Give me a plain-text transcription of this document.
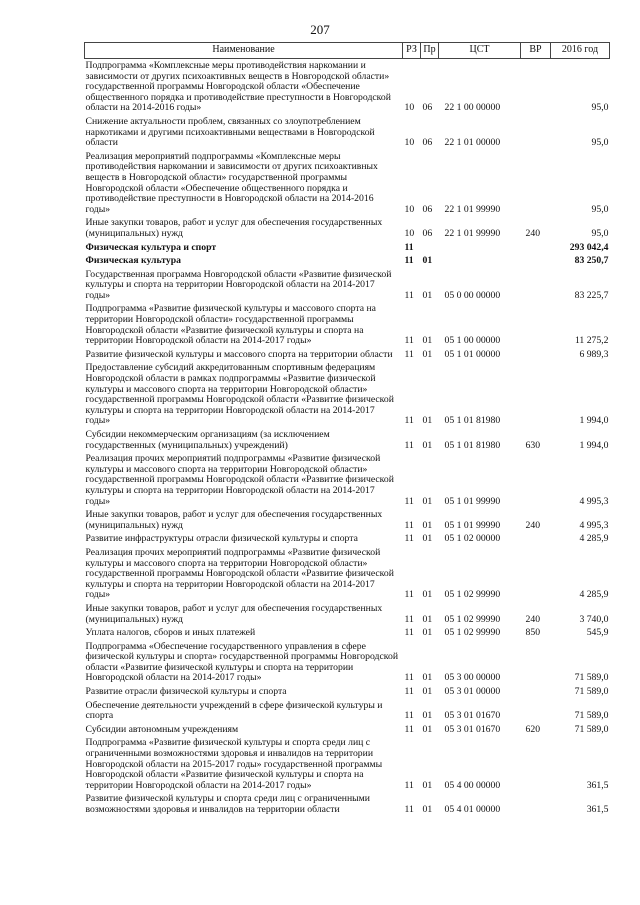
207
Наименование	РЗ	Пр	ЦСТ	ВР	2016 год
Подпрограмма «Комплексные меры противодействия наркомании и зависимости от других психоактивных веществ в Новгородской области» государственной программы Новгородской области «Обеспечение общественного порядка и противодействие преступности в Новгородской области на 2014-2016 годы»	10	06	22 1 00 00000		95,0
Снижение актуальности проблем, связанных со злоупотреблением наркотиками и другими психоактивными веществами в Новгородской области	10	06	22 1 01 00000		95,0
Реализация мероприятий подпрограммы «Комплексные меры противодействия наркомании и зависимости от других психоактивных веществ в Новгородской области» государственной программы Новгородской области «Обеспечение общественного порядка и противодействие преступности в Новгородской области на 2014-2016 годы»	10	06	22 1 01 99990		95,0
Иные закупки товаров, работ и услуг для обеспечения государственных (муниципальных) нужд	10	06	22 1 01 99990	240	95,0
Физическая культура и спорт	11				293 042,4
Физическая культура	11	01			83 250,7
Государственная программа Новгородской области «Развитие физической культуры и спорта на территории Новгородской области на 2014-2017 годы»	11	01	05 0 00 00000		83 225,7
Подпрограмма «Развитие физической культуры и массового спорта на территории Новгородской области» государственной программы Новгородской области «Развитие физической культуры и спорта на территории Новгородской области на 2014-2017 годы»	11	01	05 1 00 00000		11 275,2
Развитие физической культуры и массового спорта на территории области	11	01	05 1 01 00000		6 989,3
Предоставление субсидий аккредитованным спортивным федерациям Новгородской области в рамках подпрограммы «Развитие физической культуры и массового спорта на территории Новгородской области» государственной программы Новгородской области «Развитие физической культуры и спорта на территории Новгородской области на 2014-2017 годы»	11	01	05 1 01 81980		1 994,0
Субсидии некоммерческим организациям (за исключением государственных (муниципальных) учреждений)	11	01	05 1 01 81980	630	1 994,0
Реализация прочих мероприятий подпрограммы «Развитие физической культуры и массового спорта на территории Новгородской области» государственной программы Новгородской области «Развитие физической культуры и спорта на территории Новгородской области на 2014-2017 годы»	11	01	05 1 01 99990		4 995,3
Иные закупки товаров, работ и услуг для обеспечения государственных (муниципальных) нужд	11	01	05 1 01 99990	240	4 995,3
Развитие инфраструктуры отрасли физической культуры и спорта	11	01	05 1 02 00000		4 285,9
Реализация прочих мероприятий подпрограммы «Развитие физической культуры и массового спорта на территории Новгородской области» государственной программы Новгородской области «Развитие физической культуры и спорта на территории Новгородской области на 2014-2017 годы»	11	01	05 1 02 99990		4 285,9
Иные закупки товаров, работ и услуг для обеспечения государственных (муниципальных) нужд	11	01	05 1 02 99990	240	3 740,0
Уплата налогов, сборов и иных платежей	11	01	05 1 02 99990	850	545,9
Подпрограмма «Обеспечение государственного управления в сфере физической культуры и спорта» государственной программы Новгородской области «Развитие физической культуры и спорта на территории Новгородской области на 2014-2017 годы»	11	01	05 3 00 00000		71 589,0
Развитие отрасли физической культуры и спорта	11	01	05 3 01 00000		71 589,0
Обеспечение деятельности учреждений в сфере физической культуры и спорта	11	01	05 3 01 01670		71 589,0
Субсидии автономным учреждениям	11	01	05 3 01 01670	620	71 589,0
Подпрограмма «Развитие физической культуры и спорта среди лиц с ограниченными возможностями здоровья и инвалидов на территории Новгородской области на 2015-2017 годы» государственной программы Новгородской области «Развитие физической культуры и спорта на территории Новгородской области на 2014-2017 годы»	11	01	05 4 00 00000		361,5
Развитие физической культуры и спорта среди лиц с ограниченными возможностями здоровья и инвалидов на территории области	11	01	05 4 01 00000		361,5
